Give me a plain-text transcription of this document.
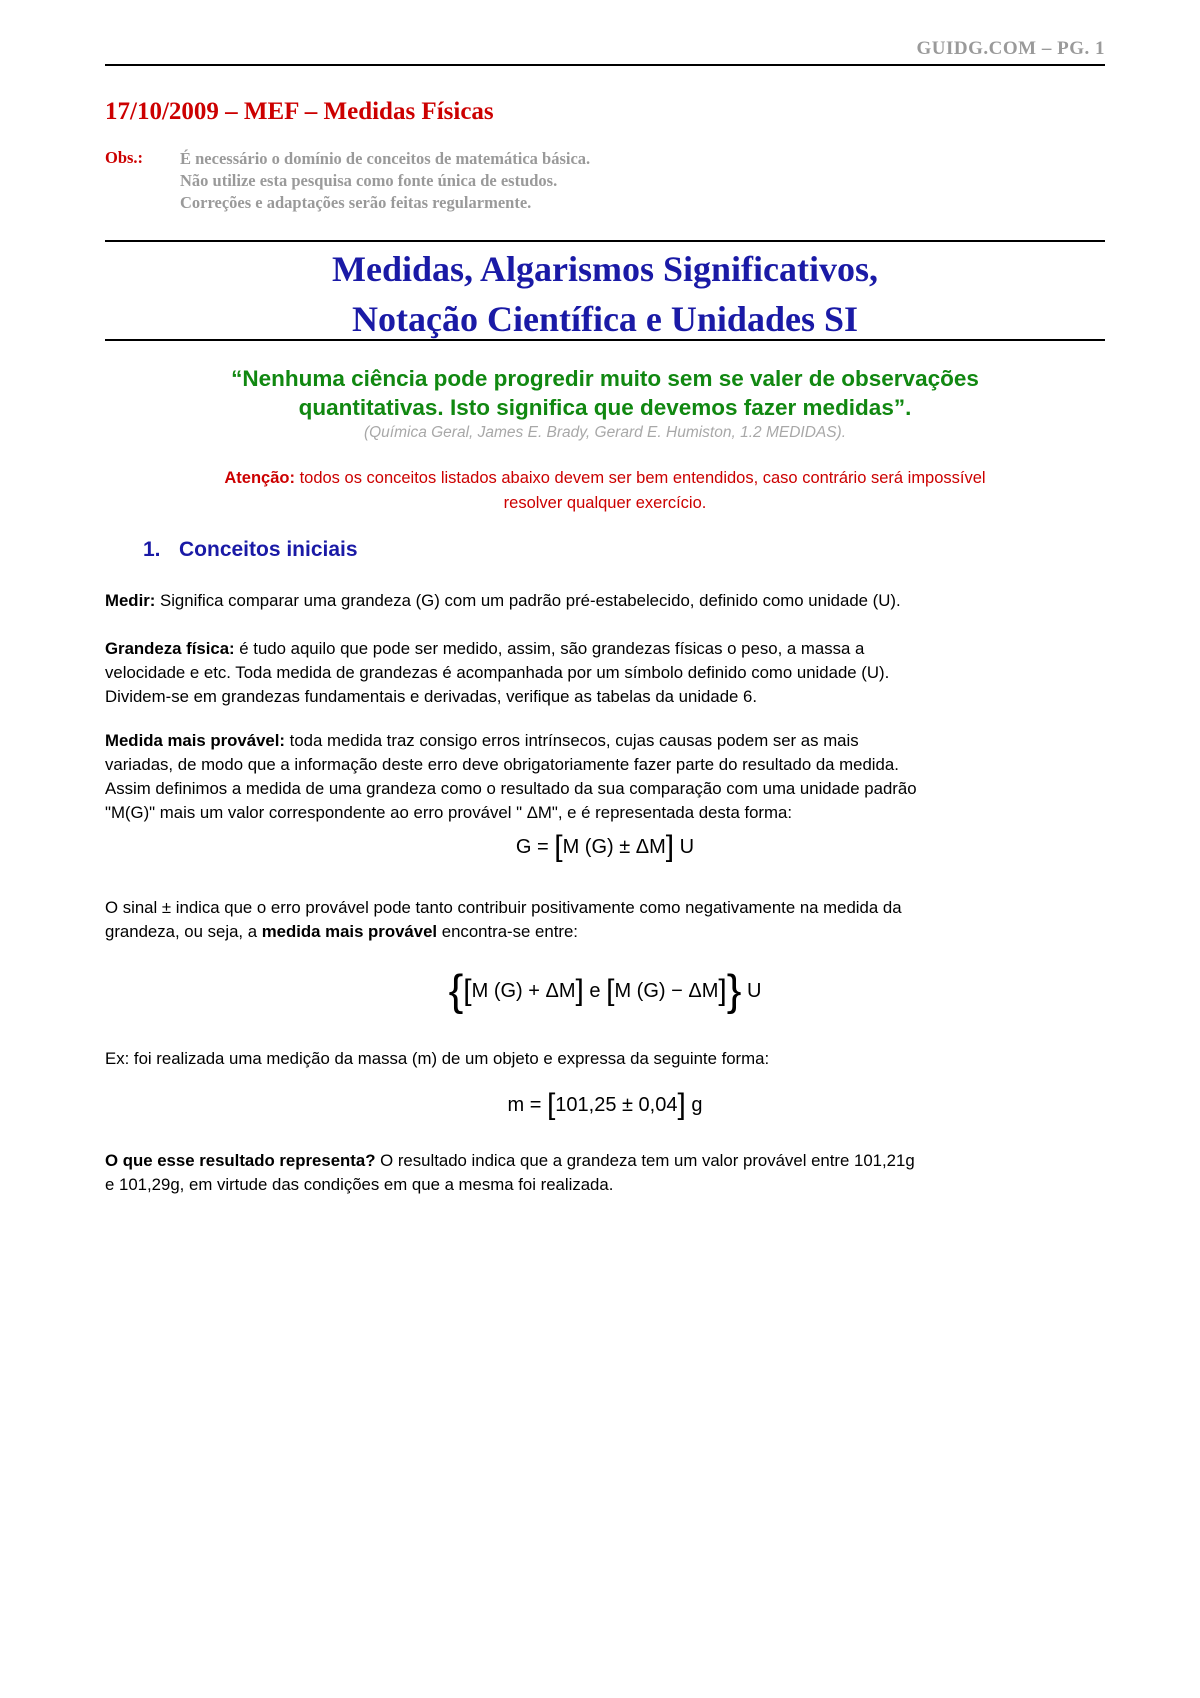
GUIDG.COM – PG. 1
17/10/2009 – MEF – Medidas Físicas
Obs.: É necessário o domínio de conceitos de matemática básica.
Não utilize esta pesquisa como fonte única de estudos.
Correções e adaptações serão feitas regularmente.
Medidas, Algarismos Significativos,
Notação Científica e Unidades SI
“Nenhuma ciência pode progredir muito sem se valer de observações
quantitativas. Isto significa que devemos fazer medidas”.
(Química Geral, James E. Brady, Gerard E. Humiston, 1.2 MEDIDAS).
Atenção: todos os conceitos listados abaixo devem ser bem entendidos, caso contrário será impossível
resolver qualquer exercício.
1. Conceitos iniciais
Medir: Significa comparar uma grandeza (G) com um padrão pré-estabelecido, definido como unidade (U).
Grandeza física: é tudo aquilo que pode ser medido, assim, são grandezas físicas o peso, a massa a
velocidade e etc. Toda medida de grandezas é acompanhada por um símbolo definido como unidade (U).
Dividem-se em grandezas fundamentais e derivadas, verifique as tabelas da unidade 6.
Medida mais provável: toda medida traz consigo erros intrínsecos, cujas causas podem ser as mais
variadas, de modo que a informação deste erro deve obrigatoriamente fazer parte do resultado da medida.
Assim definimos a medida de uma grandeza como o resultado da sua comparação com uma unidade padrão
"M(G)" mais um valor correspondente ao erro provável " ΔM", e é representada desta forma:
G = [M (G) ± ΔM] U
O sinal ± indica que o erro provável pode tanto contribuir positivamente como negativamente na medida da
grandeza, ou seja, a medida mais provável encontra-se entre:
{[M (G) + ΔM] e [M (G) − ΔM]} U
Ex: foi realizada uma medição da massa (m) de um objeto e expressa da seguinte forma:
m = [101,25 ± 0,04] g
O que esse resultado representa? O resultado indica que a grandeza tem um valor provável entre 101,21g
e 101,29g, em virtude das condições em que a mesma foi realizada.
